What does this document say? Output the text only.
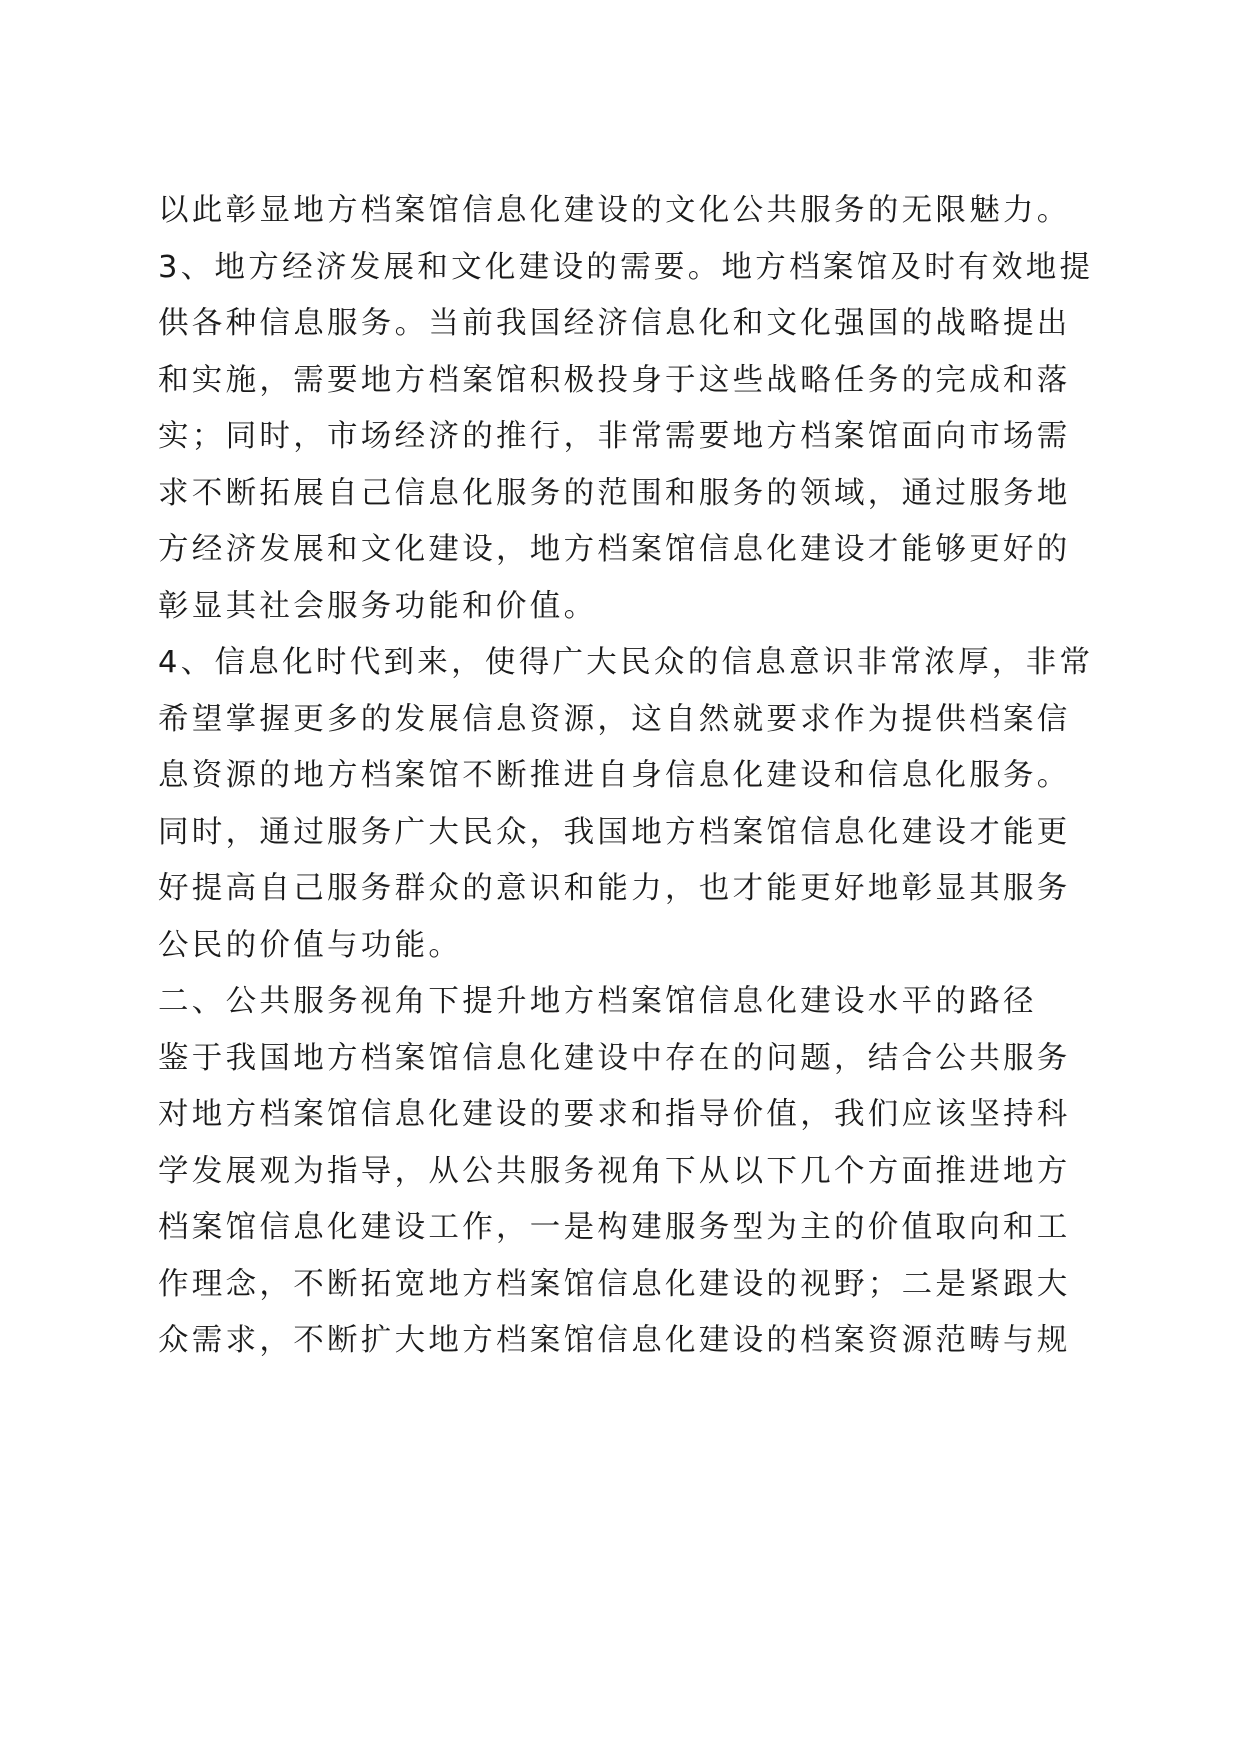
以此彰显地方档案馆信息化建设的文化公共服务的无限魅力。

3、地方经济发展和文化建设的需要。地方档案馆及时有效地提

供各种信息服务。当前我国经济信息化和文化强国的战略提出

和实施，需要地方档案馆积极投身于这些战略任务的完成和落

实；同时，市场经济的推行，非常需要地方档案馆面向市场需

求不断拓展自己信息化服务的范围和服务的领域，通过服务地

方经济发展和文化建设，地方档案馆信息化建设才能够更好的

彰显其社会服务功能和价值。

4、信息化时代到来，使得广大民众的信息意识非常浓厚，非常

希望掌握更多的发展信息资源，这自然就要求作为提供档案信

息资源的地方档案馆不断推进自身信息化建设和信息化服务。

同时，通过服务广大民众，我国地方档案馆信息化建设才能更

好提高自己服务群众的意识和能力，也才能更好地彰显其服务

公民的价值与功能。

二、公共服务视角下提升地方档案馆信息化建设水平的路径

鉴于我国地方档案馆信息化建设中存在的问题，结合公共服务

对地方档案馆信息化建设的要求和指导价值，我们应该坚持科

学发展观为指导，从公共服务视角下从以下几个方面推进地方

档案馆信息化建设工作，一是构建服务型为主的价值取向和工

作理念，不断拓宽地方档案馆信息化建设的视野；二是紧跟大

众需求，不断扩大地方档案馆信息化建设的档案资源范畴与规
